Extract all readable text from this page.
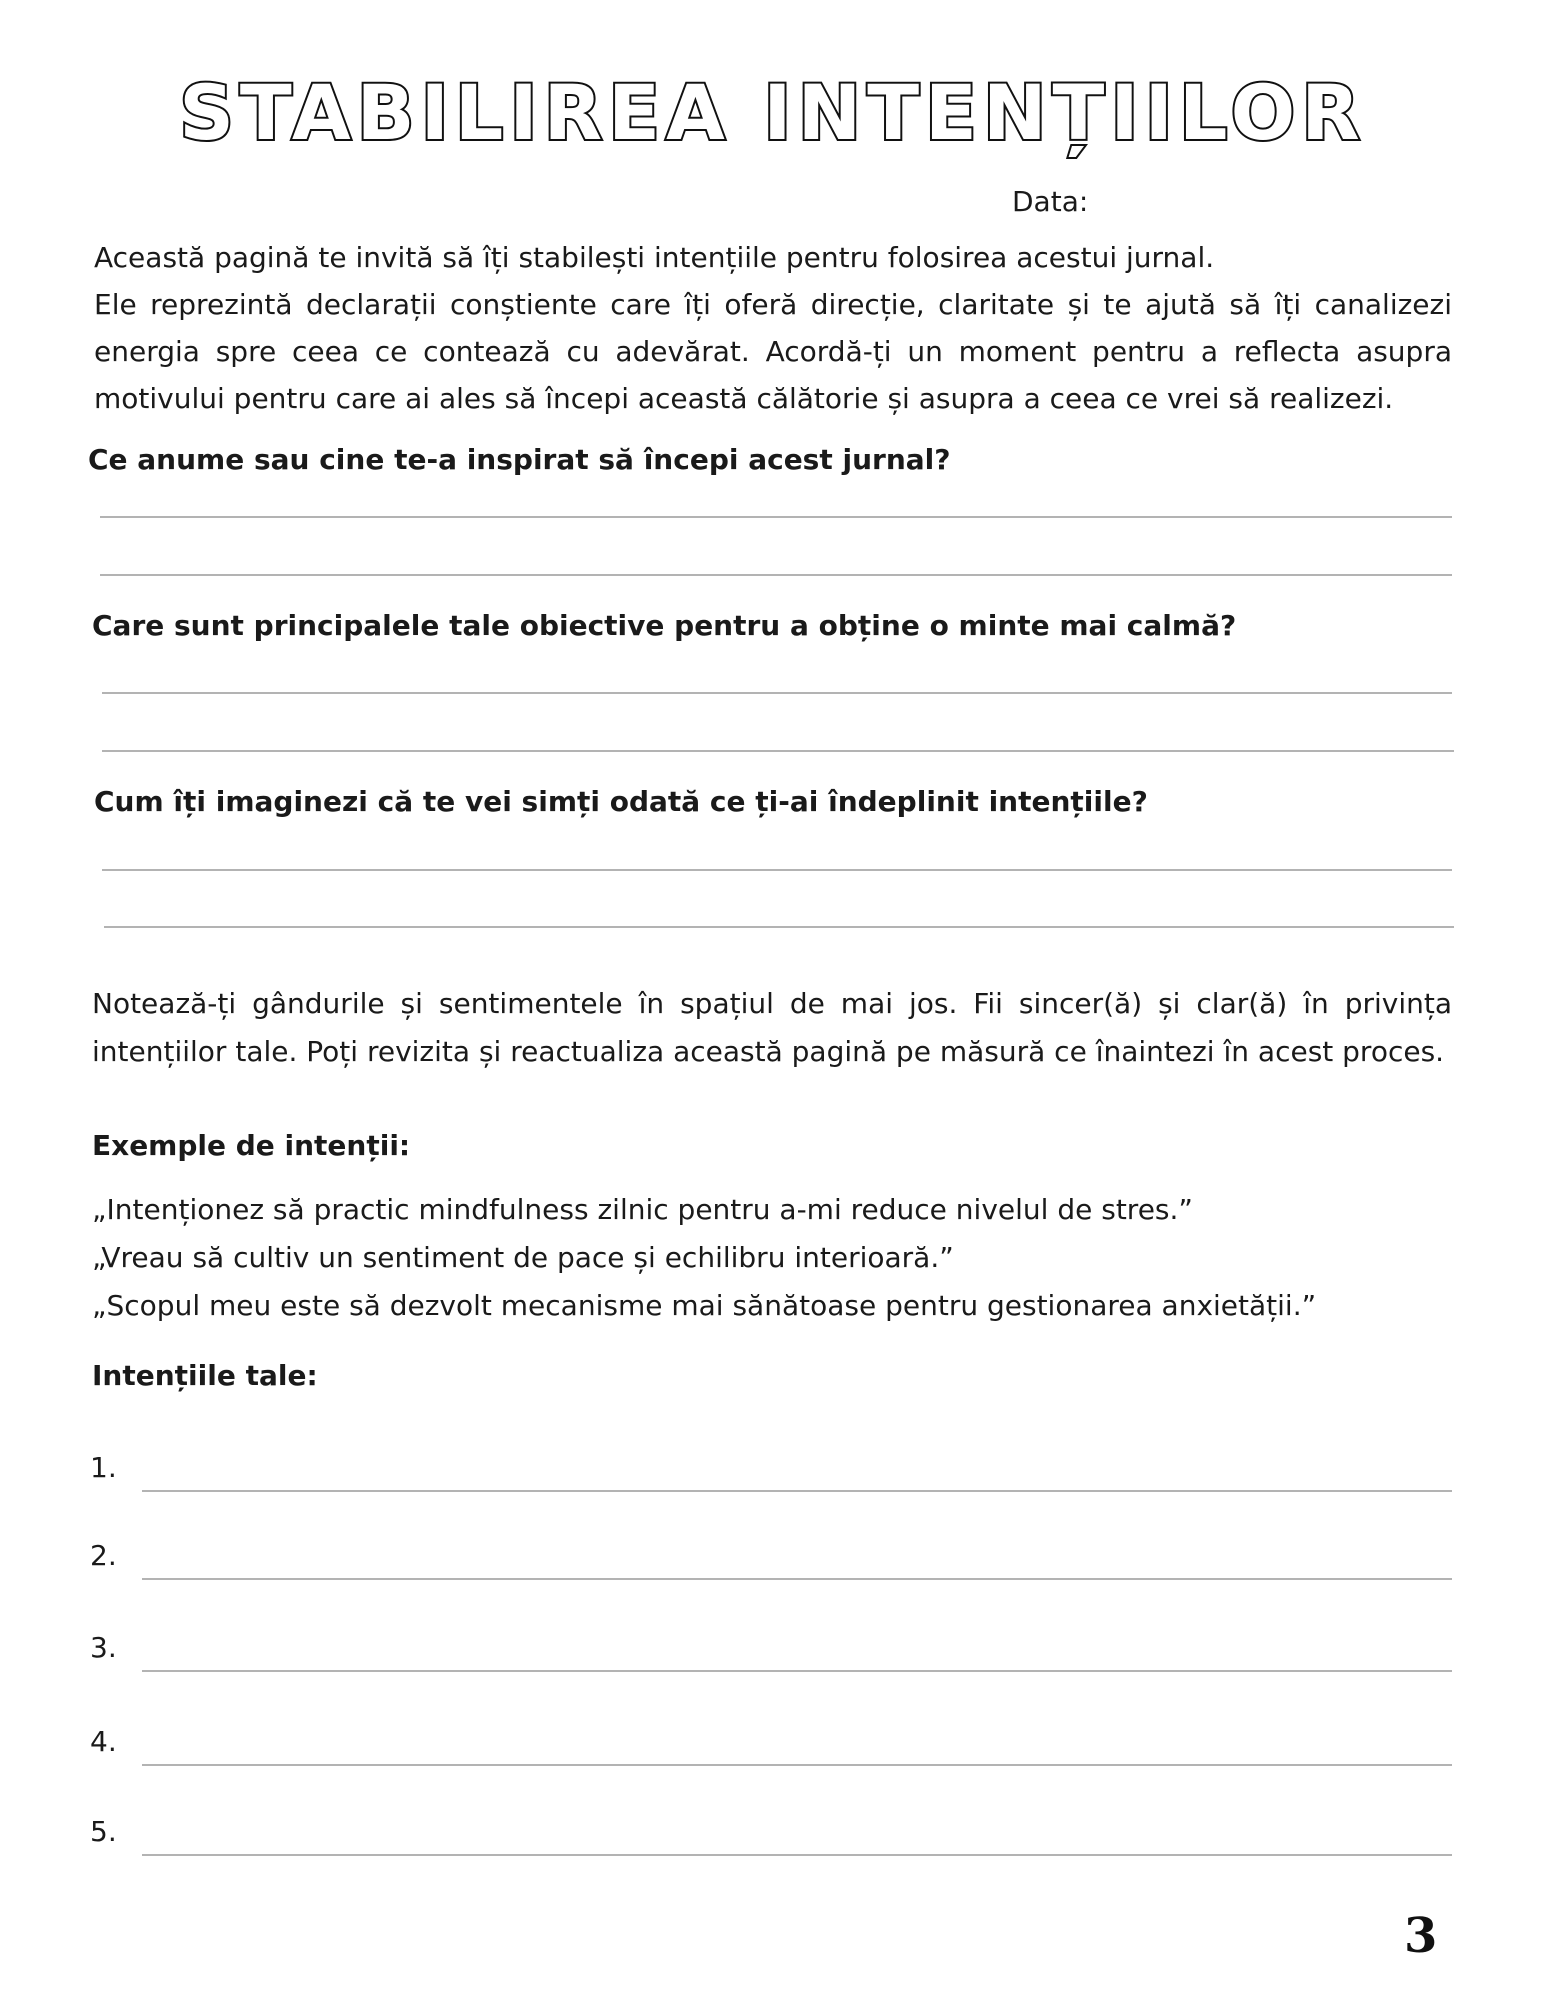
STABILIREA INTENȚIILOR
Data:

Această pagină te invită să îți stabilești intențiile pentru folosirea acestui jurnal.

Ele reprezintă declarații conștiente care îți oferă direcție, claritate și te ajută să îți canalizezi energia spre ceea ce contează cu adevărat. Acordă-ți un moment pentru a reflecta asupra motivului pentru care ai ales să începi această călătorie și asupra a ceea ce vrei să realizezi.

Ce anume sau cine te-a inspirat să începi acest jurnal?
Care sunt principalele tale obiective pentru a obține o minte mai calmă?
Cum îți imaginezi că te vei simți odată ce ți-ai îndeplinit intențiile?
Notează-ți gândurile și sentimentele în spațiul de mai jos. Fii sincer(ă) și clar(ă) în privința intențiilor tale. Poți revizita și reactualiza această pagină pe măsură ce înaintezi în acest proces.
Exemple de intenții:
„Intenționez să practic mindfulness zilnic pentru a-mi reduce nivelul de stres.”
„Vreau să cultiv un sentiment de pace și echilibru interioară.”
„Scopul meu este să dezvolt mecanisme mai sănătoase pentru gestionarea anxietății.”
Intențiile tale:
1.
2.
3.
4.
5.
3
